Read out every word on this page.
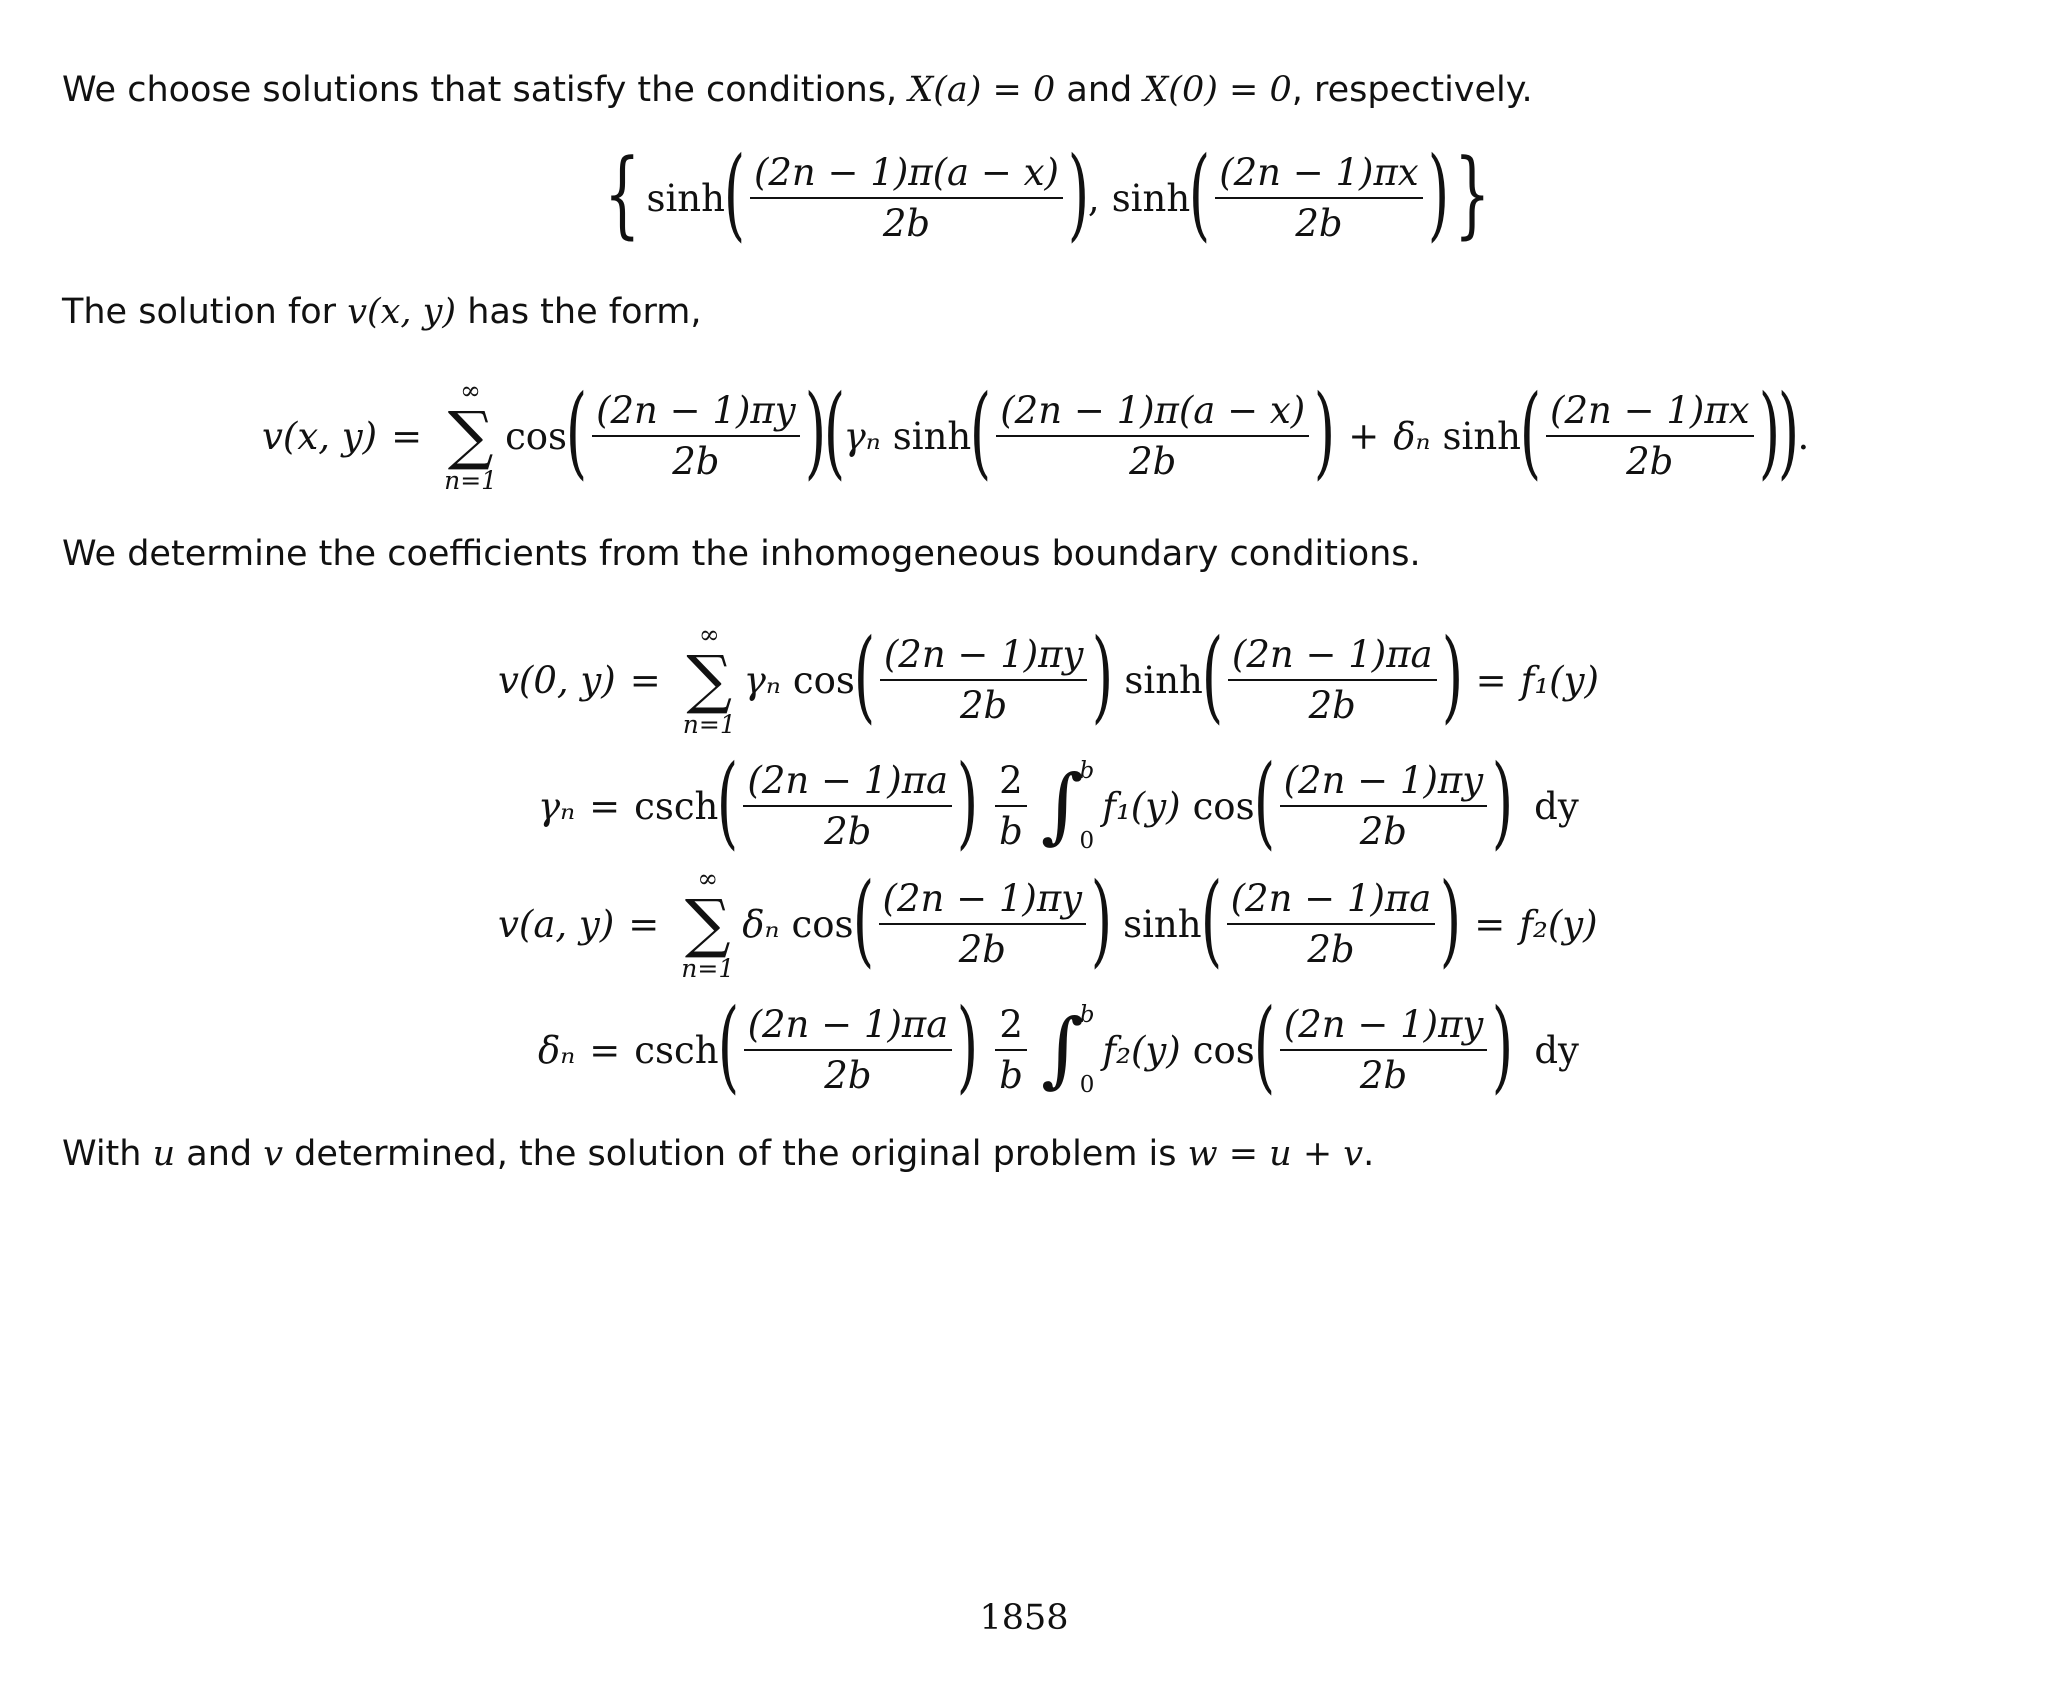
We choose solutions that satisfy the conditions, X(a) = 0 and X(0) = 0, respectively.
{ sinh
( $\frac{(2n - 1)\pi(a - x)}{2b}$ )
, sinh
( $\frac{(2n - 1)\pi x}{2b}$ ) }
The solution for v(x, y) has the form,
v(x, y) =
∞
∑
n=1
cos
( $\frac{(2n - 1)\pi y}{2b}$ )
(
γₙ sinh
( $\frac{(2n - 1)\pi(a - x)}{2b}$ ) + δₙ sinh
( $\frac{(2n - 1)\pi x}{2b}$ )
)
.
We determine the coefficients from the inhomogeneous boundary conditions.
v(0, y) =
∞
∑
n=1
γₙ cos
( $\frac{(2n - 1)\pi y}{2b}$ ) sinh
( $\frac{(2n - 1)\pi a}{2b}$ ) = f₁(y)
γₙ = csch
( $\frac{(2n - 1)\pi a}{2b}$ ) $\frac{2}{b}$ ∫
b
0
f₁(y) cos
( $\frac{(2n - 1)\pi y}{2b}$ ) dy
v(a, y) =
∞
∑
n=1
δₙ cos
( $\frac{(2n - 1)\pi y}{2b}$ ) sinh
( $\frac{(2n - 1)\pi a}{2b}$ ) = f₂(y)
δₙ = csch
( $\frac{(2n - 1)\pi a}{2b}$ ) $\frac{2}{b}$ ∫
b
0
f₂(y) cos
( $\frac{(2n - 1)\pi y}{2b}$ ) dy
With u and v determined, the solution of the original problem is w = u + v.
1858
